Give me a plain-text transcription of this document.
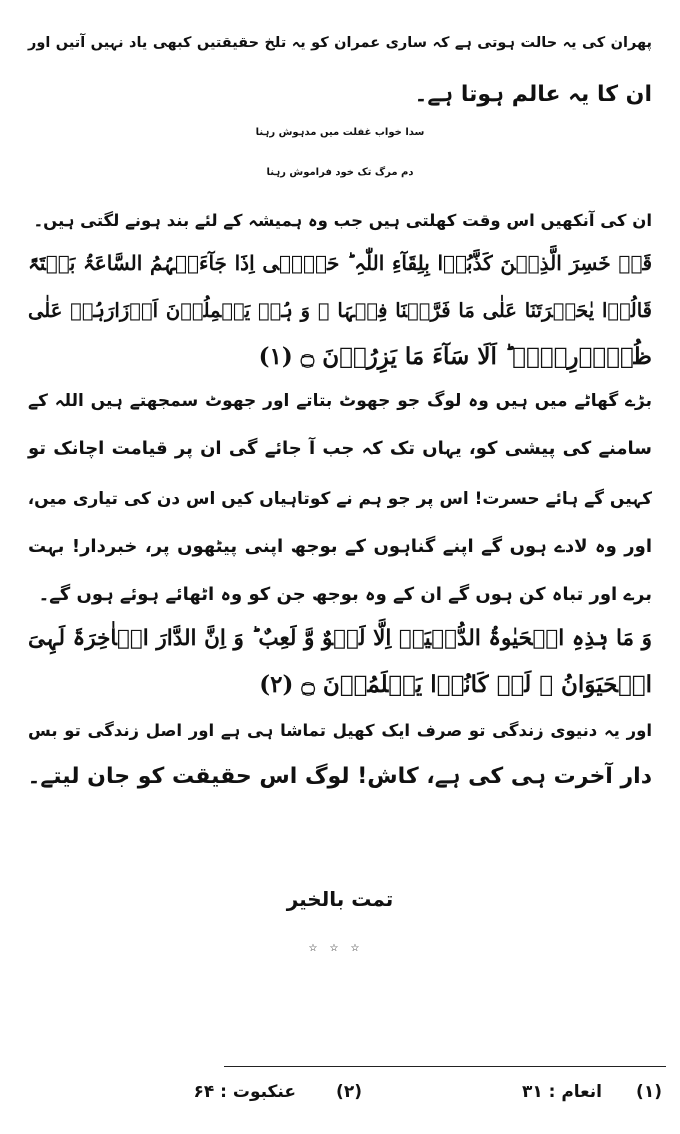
پھران کی یہ حالت ہوتی ہے کہ ساری عمران کو یہ تلخ حقیقتیں کبھی یاد نہیں آتیں اور
ان کا یہ عالم ہوتا ہے۔
سدا خواب غفلت میں مدہوش رہنا
دم مرگ تک خود فراموش رہنا
ان کی آنکھیں اس وقت کھلتی ہیں جب وہ ہمیشہ کے لئے بند ہونے لگتی ہیں۔
قَدۡ خَسِرَ الَّذِیۡنَ کَذَّبُوۡا بِلِقَآءِ اللّٰہِ ؕ حَتّٰۤی اِذَا جَآءَتۡہُمُ السَّاعَۃُ بَغۡتَۃً
قَالُوۡا یٰحَسۡرَتَنَا عَلٰی مَا فَرَّطۡنَا فِیۡہَا ۙ وَ ہُمۡ یَحۡمِلُوۡنَ اَوۡزَارَہُمۡ عَلٰی
ظُہُوۡرِہِمۡ ؕ اَلَا سَآءَ مَا یَزِرُوۡنَ ۝ (۱)
بڑے گھاٹے میں ہیں وہ لوگ جو جھوٹ بتاتے اور جھوٹ سمجھتے ہیں اللہ کے
سامنے کی پیشی کو، یہاں تک کہ جب آ جائے گی ان پر قیامت اچانک تو
کہیں گے ہائے حسرت! اس پر جو ہم نے کوتاہیاں کیں اس دن کی تیاری میں،
اور وہ لادے ہوں گے اپنے گناہوں کے بوجھ اپنی پیٹھوں پر، خبردار! بہت
برے اور تباہ کن ہوں گے ان کے وہ بوجھ جن کو وہ اٹھائے ہوئے ہوں گے۔
وَ مَا ہٰذِہِ الۡحَیٰوۃُ الدُّنۡیَاۤ اِلَّا لَہۡوٌ وَّ لَعِبٌ ؕ وَ اِنَّ الدَّارَ الۡاٰخِرَۃَ لَہِیَ
الۡحَیَوَانُ ۘ لَوۡ کَانُوۡا یَعۡلَمُوۡنَ ۝ (۲)
اور یہ دنیوی زندگی تو صرف ایک کھیل تماشا ہی ہے اور اصل زندگی تو بس
دار آخرت ہی کی ہے، کاش! لوگ اس حقیقت کو جان لیتے۔
تمت بالخیر
☆☆☆
(۱)
انعام : ۳۱
(۲)
عنکبوت : ۶۴
